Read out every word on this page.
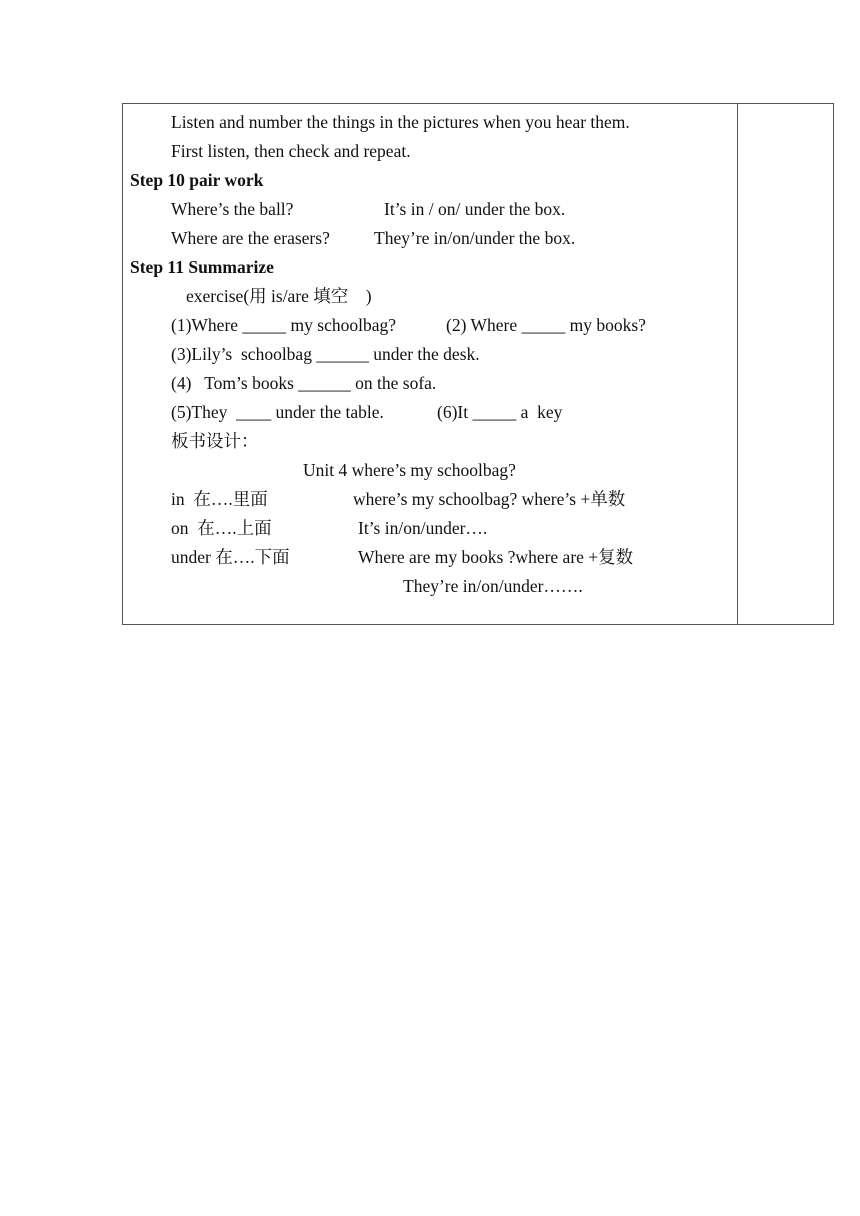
Listen and number the things in the pictures when you hear them.
First listen, then check and repeat.
Step 10 pair work
Where’s the ball?	It’s in / on/ under the box.
Where are the erasers?	They’re in/on/under the box.
Step 11 Summarize
exercise(用 is/are 填空　)
(1)Where _____ my schoolbag?	(2) Where _____ my books?
(3)Lily’s  schoolbag ______ under the desk.
(4)   Tom’s books ______ on the sofa.
(5)They  ____ under the table.	(6)It _____ a  key
板书设计：
Unit 4 where’s my schoolbag?
in  在….里面	where’s my schoolbag? where’s +单数
on  在….上面	It’s in/on/under….
under 在….下面	Where are my books ?where are +复数
They’re in/on/under…….
